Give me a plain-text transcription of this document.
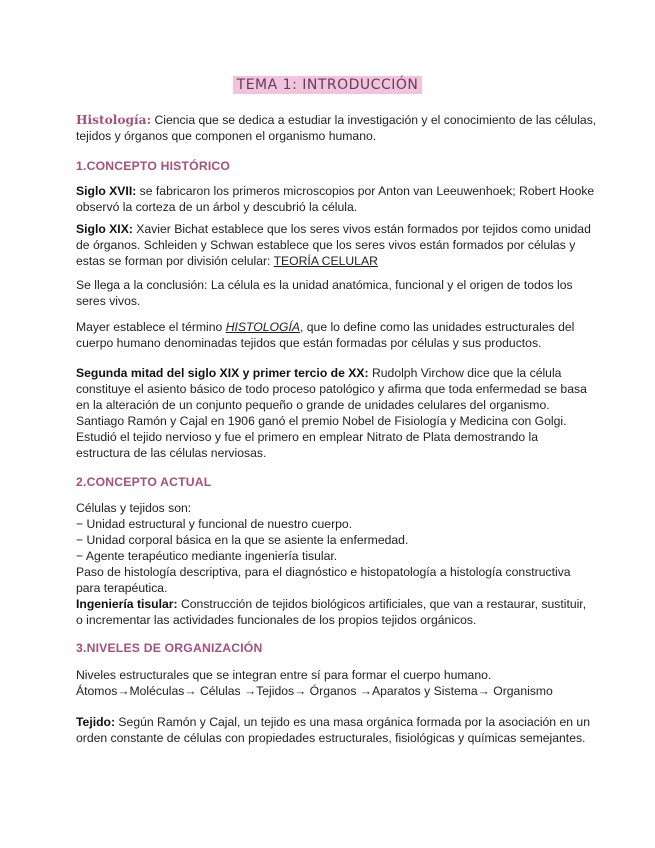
TEMA 1: INTRODUCCIÓN
Histología: Ciencia que se dedica a estudiar la investigación y el conocimiento de las células,
tejidos y órganos que componen el organismo humano.
1.CONCEPTO HISTÓRICO
Siglo XVII: se fabricaron los primeros microscopios por Anton van Leeuwenhoek; Robert Hooke
observó la corteza de un árbol y descubrió la célula.
Siglo XIX: Xavier Bichat establece que los seres vivos están formados por tejidos como unidad
de órganos. Schleiden y Schwan establece que los seres vivos están formados por células y
estas se forman por división celular: TEORÍA CELULAR
Se llega a la conclusión: La célula es la unidad anatómica, funcional y el origen de todos los
seres vivos.
Mayer establece el término HISTOLOGÍA, que lo define como las unidades estructurales del
cuerpo humano denominadas tejidos que están formadas por células y sus productos.
Segunda mitad del siglo XIX y primer tercio de XX: Rudolph Virchow dice que la célula
constituye el asiento básico de todo proceso patológico y afirma que toda enfermedad se basa
en la alteración de un conjunto pequeño o grande de unidades celulares del organismo.
Santiago Ramón y Cajal en 1906 ganó el premio Nobel de Fisiología y Medicina con Golgi.
Estudió el tejido nervioso y fue el primero en emplear Nitrato de Plata demostrando la
estructura de las células nerviosas.
2.CONCEPTO ACTUAL
Células y tejidos son:
− Unidad estructural y funcional de nuestro cuerpo.
− Unidad corporal básica en la que se asiente la enfermedad.
− Agente terapéutico mediante ingeniería tisular.
Paso de histología descriptiva, para el diagnóstico e histopatología a histología constructiva
para terapéutica.
Ingeniería tisular: Construcción de tejidos biológicos artificiales, que van a restaurar, sustituir,
o incrementar las actividades funcionales de los propios tejidos orgánicos.
3.NIVELES DE ORGANIZACIÓN
Niveles estructurales que se integran entre sí para formar el cuerpo humano.
Átomos→Moléculas→ Células →Tejidos→ Órganos →Aparatos y Sistema→ Organismo
Tejido: Según Ramón y Cajal, un tejido es una masa orgánica formada por la asociación en un
orden constante de células con propiedades estructurales, fisiológicas y químicas semejantes.
